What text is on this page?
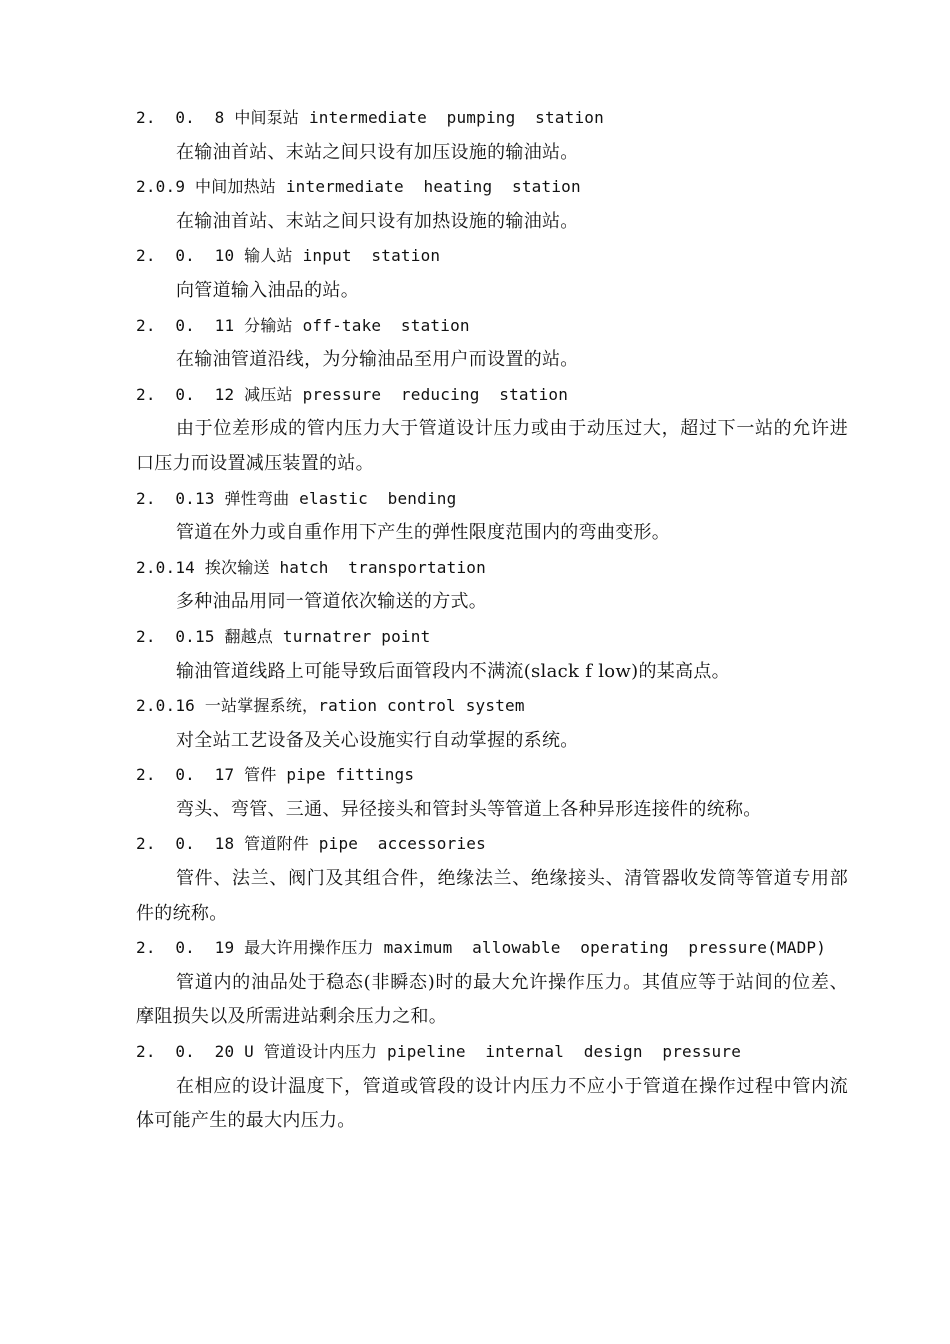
2.  0.  8 中间泵站 intermediate  pumping  station
在输油首站、末站之间只设有加压设施的输油站。
2.0.9 中间加热站 intermediate  heating  station
在输油首站、末站之间只设有加热设施的输油站。
2.  0.  10 输人站 input  station
向管道输入油品的站。
2.  0.  11 分输站 off-take  station
在输油管道沿线，为分输油品至用户而设置的站。
2.  0.  12 减压站 pressure  reducing  station
由于位差形成的管内压力大于管道设计压力或由于动压过大，超过下一站的允许进口压力而设置减压装置的站。
2.  0.13 弹性弯曲 elastic  bending
管道在外力或自重作用下产生的弹性限度范围内的弯曲变形。
2.0.14 挨次输送 hatch  transportation
多种油品用同一管道依次输送的方式。
2.  0.15 翻越点 turnatrer point
输油管道线路上可能导致后面管段内不满流(slack f low)的某高点。
2.0.16 一站掌握系统，ration control system
对全站工艺设备及关心设施实行自动掌握的系统。
2.  0.  17 管件 pipe fittings
弯头、弯管、三通、异径接头和管封头等管道上各种异形连接件的统称。
2.  0.  18 管道附件 pipe  accessories
管件、法兰、阀门及其组合件，绝缘法兰、绝缘接头、清管器收发筒等管道专用部件的统称。
2.  0.  19 最大许用操作压力 maximum  allowable  operating  pressure(MADP)
管道内的油品处于稳态(非瞬态)时的最大允许操作压力。其值应等于站间的位差、摩阻损失以及所需进站剩余压力之和。
2.  0.  20 U 管道设计内压力 pipeline  internal  design  pressure
在相应的设计温度下，管道或管段的设计内压力不应小于管道在操作过程中管内流体可能产生的最大内压力。
